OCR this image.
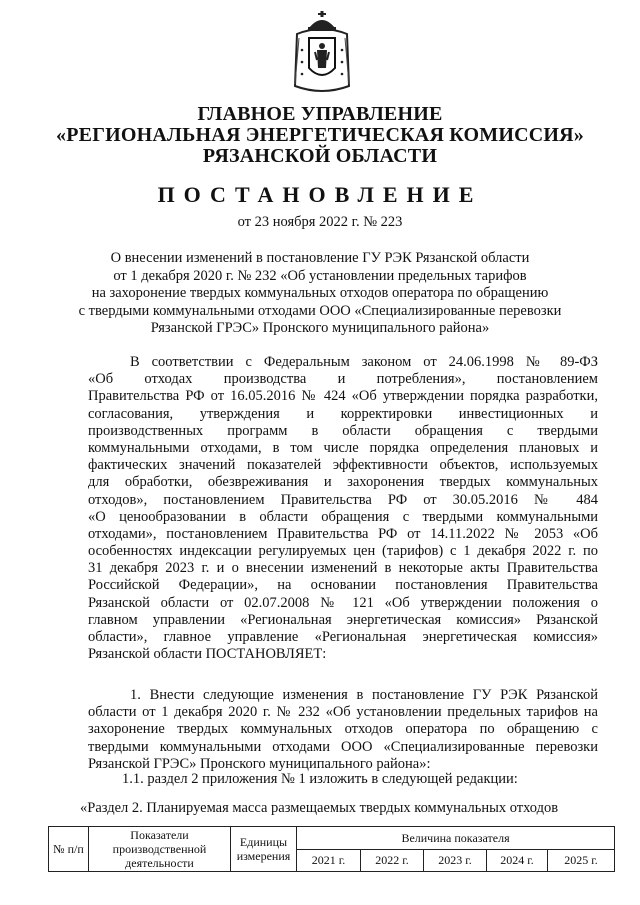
ГЛАВНОЕ УПРАВЛЕНИЕ
«РЕГИОНАЛЬНАЯ ЭНЕРГЕТИЧЕСКАЯ КОМИССИЯ»
РЯЗАНСКОЙ ОБЛАСТИ
ПОСТАНОВЛЕНИЕ
от 23 ноября 2022 г. № 223
О внесении изменений в постановление ГУ РЭК Рязанской области
от 1 декабря 2020 г. № 232 «Об установлении предельных тарифов
на захоронение твердых коммунальных отходов оператора по обращению
с твердыми коммунальными отходами ООО «Специализированные перевозки
Рязанской ГРЭС» Пронского муниципального района»
В соответствии с Федеральным законом от 24.06.1998 № 89-ФЗ
«Об отходах производства и потребления», постановлением
Правительства РФ от 16.05.2016 № 424 «Об утверждении порядка разработки,
согласования, утверждения и корректировки инвестиционных и
производственных программ в области обращения с твердыми
коммунальными отходами, в том числе порядка определения плановых и
фактических значений показателей эффективности объектов, используемых
для обработки, обезвреживания и захоронения твердых коммунальных
отходов», постановлением Правительства РФ от 30.05.2016 № 484
«О ценообразовании в области обращения с твердыми коммунальными
отходами», постановлением Правительства РФ от 14.11.2022 № 2053 «Об
особенностях индексации регулируемых цен (тарифов) с 1 декабря 2022 г. по
31 декабря 2023 г. и о внесении изменений в некоторые акты Правительства
Российской Федерации», на основании постановления Правительства
Рязанской области от 02.07.2008 № 121 «Об утверждении положения о
главном управлении «Региональная энергетическая комиссия» Рязанской
области», главное управление «Региональная энергетическая комиссия»
Рязанской области ПОСТАНОВЛЯЕТ:
1. Внести следующие изменения в постановление ГУ РЭК Рязанской
области от 1 декабря 2020 г. № 232 «Об установлении предельных тарифов на
захоронение твердых коммунальных отходов оператора по обращению с
твердыми коммунальными отходами ООО «Специализированные перевозки
Рязанской ГРЭС» Пронского муниципального района»:
1.1. раздел 2 приложения № 1 изложить в следующей редакции:
«Раздел 2. Планируемая масса размещаемых твердых коммунальных отходов
№ п/п	Показатели производственной деятельности	Единицы измерения	Величина показателя				
			2021 г.	2022 г.	2023 г.	2024 г.	2025 г.
